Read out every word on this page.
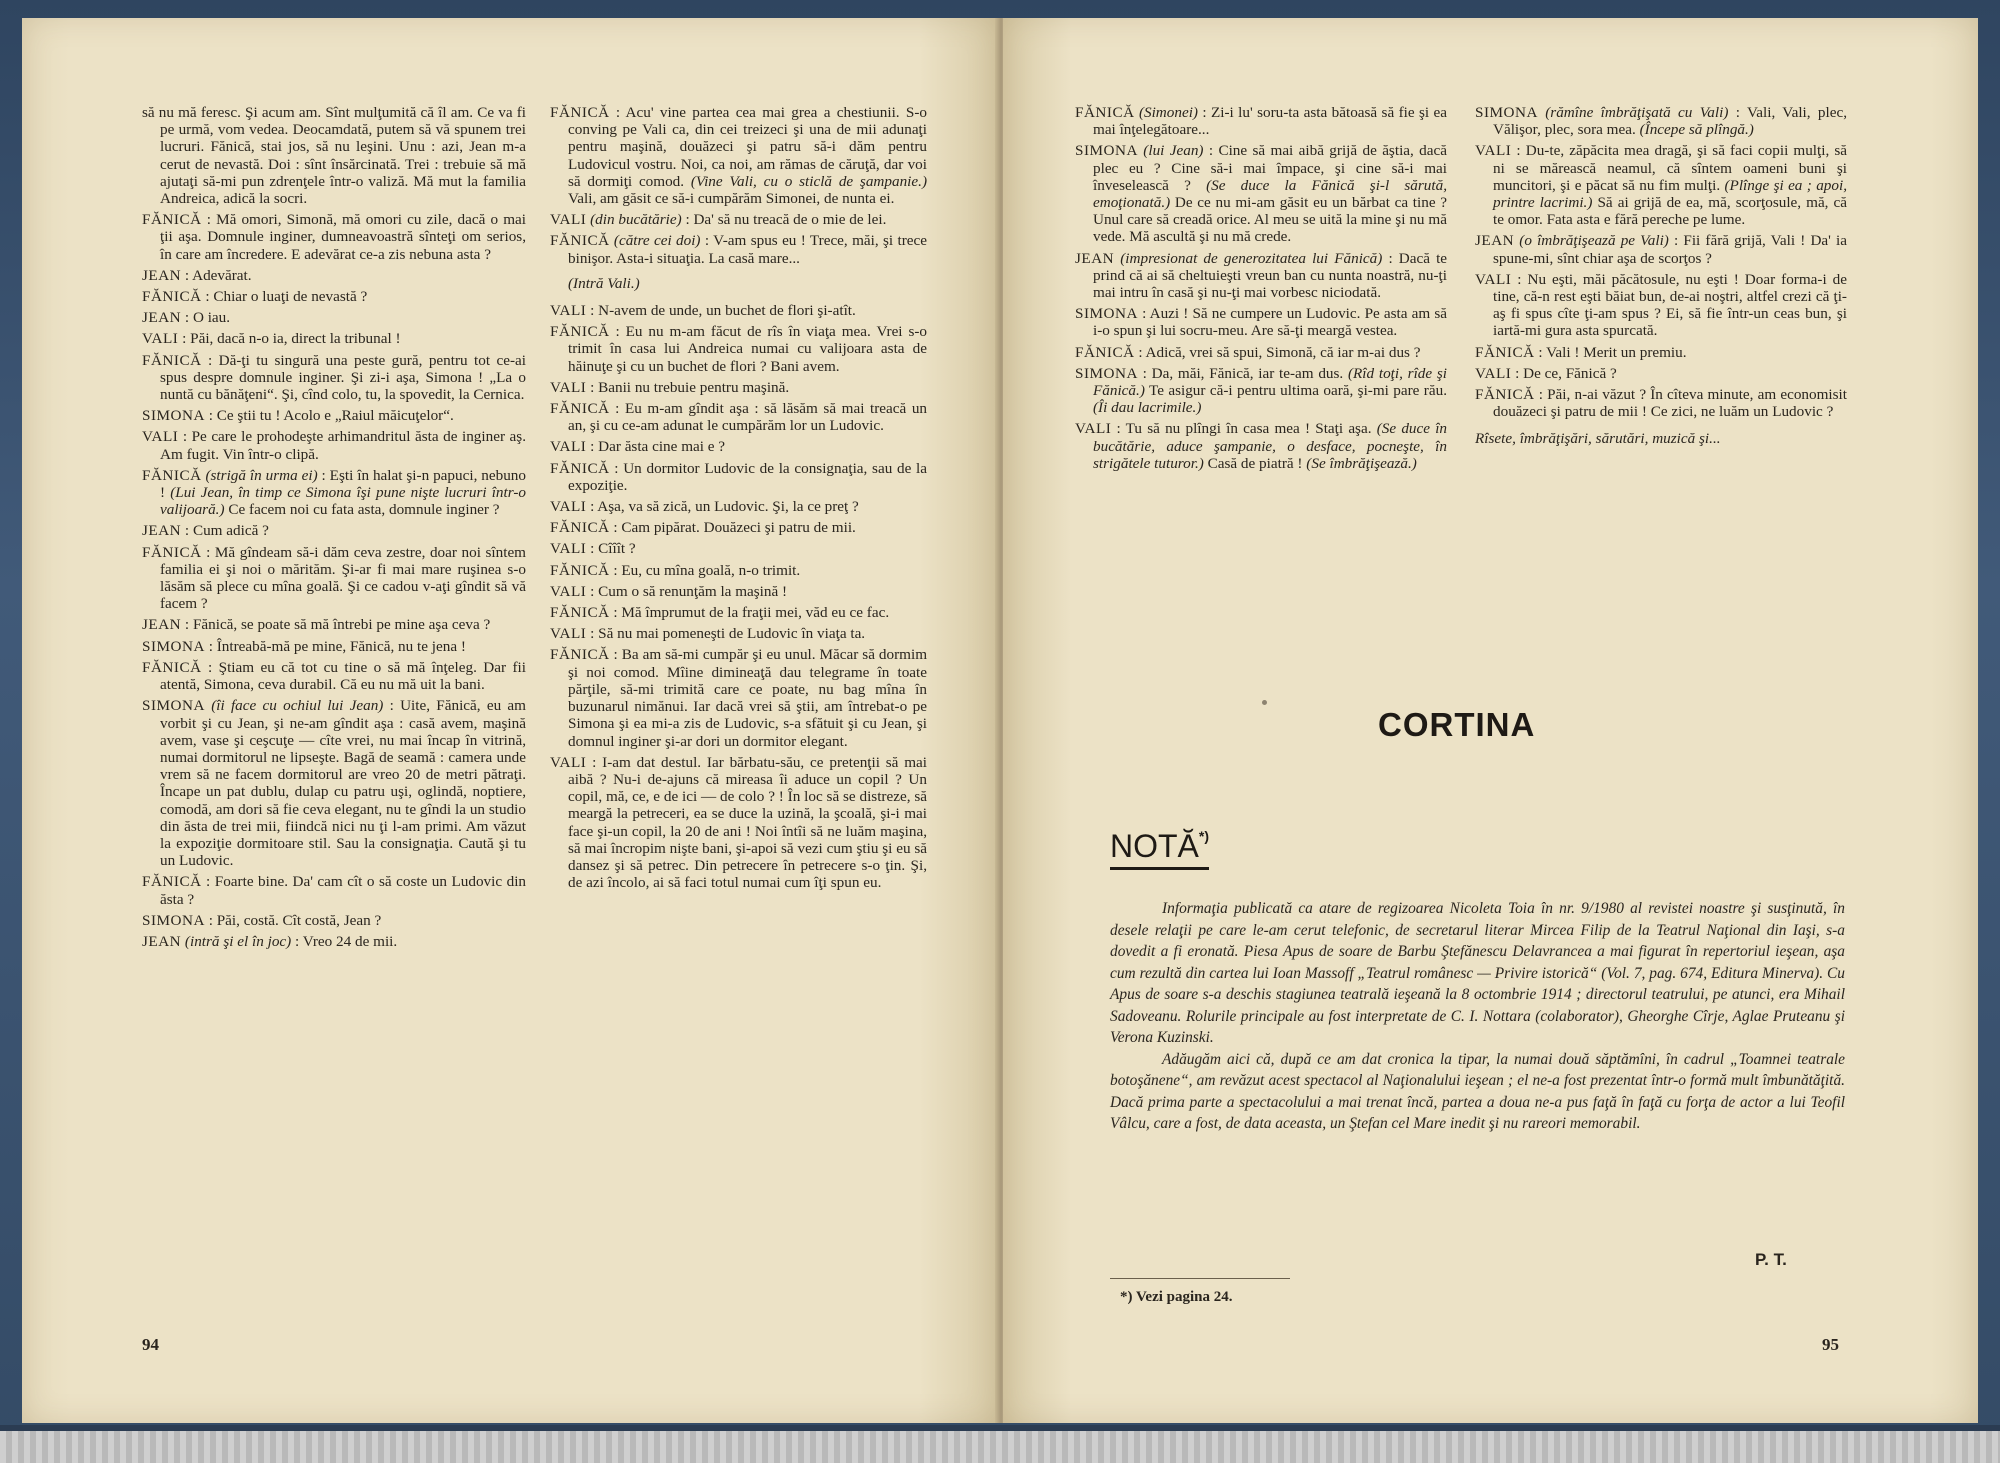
să nu mă feresc. Şi acum am. Sînt mulţumită că îl am. Ce va fi pe urmă, vom vedea. Deocamdată, putem să vă spunem trei lucruri. Fănică, stai jos, să nu leşini. Unu : azi, Jean m-a cerut de nevastă. Doi : sînt însărcinată. Trei : trebuie să mă ajutaţi să-mi pun zdrenţele într-o valiză. Mă mut la familia Andreica, adică la socri.

FĂNICĂ : Mă omori, Simonă, mă omori cu zile, dacă o mai ţii aşa. Domnule inginer, dumneavoastră sînteţi om serios, în care am încredere. E adevărat ce-a zis nebuna asta ?

JEAN : Adevărat.

FĂNICĂ : Chiar o luaţi de nevastă ?

JEAN : O iau.

VALI : Păi, dacă n-o ia, direct la tribunal !

FĂNICĂ : Dă-ţi tu singură una peste gură, pentru tot ce-ai spus despre domnule inginer. Şi zi-i aşa, Simona ! „La o nuntă cu bănăţeni“. Şi, cînd colo, tu, la spovedit, la Cernica.

SIMONA : Ce ştii tu ! Acolo e „Raiul măicuţelor“.

VALI : Pe care le prohodeşte arhimandritul ăsta de inginer aş. Am fugit. Vin într-o clipă.

FĂNICĂ (strigă în urma ei) : Eşti în halat şi-n papuci, nebuno ! (Lui Jean, în timp ce Simona îşi pune nişte lucruri într-o valijoară.) Ce facem noi cu fata asta, domnule inginer ?

JEAN : Cum adică ?

FĂNICĂ : Mă gîndeam să-i dăm ceva zestre, doar noi sîntem familia ei şi noi o mărităm. Şi-ar fi mai mare ruşinea s-o lăsăm să plece cu mîna goală. Şi ce cadou v-aţi gîndit să vă facem ?

JEAN : Fănică, se poate să mă întrebi pe mine aşa ceva ?

SIMONA : Întreabă-mă pe mine, Fănică, nu te jena !

FĂNICĂ : Ştiam eu că tot cu tine o să mă înţeleg. Dar fii atentă, Simona, ceva durabil. Că eu nu mă uit la bani.

SIMONA (îi face cu ochiul lui Jean) : Uite, Fănică, eu am vorbit şi cu Jean, şi ne-am gîndit aşa : casă avem, maşină avem, vase şi ceşcuţe — cîte vrei, nu mai încap în vitrină, numai dormitorul ne lipseşte. Bagă de seamă : camera unde vrem să ne facem dormitorul are vreo 20 de metri pătraţi. Încape un pat dublu, dulap cu patru uşi, oglindă, noptiere, comodă, am dori să fie ceva elegant, nu te gîndi la un studio din ăsta de trei mii, fiindcă nici nu ţi l-am primi. Am văzut la expoziţie dormitoare stil. Sau la consignaţia. Caută şi tu un Ludovic.

FĂNICĂ : Foarte bine. Da' cam cît o să coste un Ludovic din ăsta ?

SIMONA : Păi, costă. Cît costă, Jean ?

JEAN (intră şi el în joc) : Vreo 24 de mii.

FĂNICĂ : Acu' vine partea cea mai grea a chestiunii. S-o conving pe Vali ca, din cei treizeci şi una de mii adunaţi pentru maşină, douăzeci şi patru să-i dăm pentru Ludovicul vostru. Noi, ca noi, am rămas de căruţă, dar voi să dormiţi comod. (Vine Vali, cu o sticlă de şampanie.) Vali, am găsit ce să-i cumpărăm Simonei, de nunta ei.

VALI (din bucătărie) : Da' să nu treacă de o mie de lei.

FĂNICĂ (către cei doi) : V-am spus eu ! Trece, măi, şi trece binişor. Asta-i situaţia. La casă mare...

(Intră Vali.)

VALI : N-avem de unde, un buchet de flori şi-atît.

FĂNICĂ : Eu nu m-am făcut de rîs în viaţa mea. Vrei s-o trimit în casa lui Andreica numai cu valijoara asta de hăinuţe şi cu un buchet de flori ? Bani avem.

VALI : Banii nu trebuie pentru maşină.

FĂNICĂ : Eu m-am gîndit aşa : să lăsăm să mai treacă un an, şi cu ce-am adunat le cumpărăm lor un Ludovic.

VALI : Dar ăsta cine mai e ?

FĂNICĂ : Un dormitor Ludovic de la consignaţia, sau de la expoziţie.

VALI : Aşa, va să zică, un Ludovic. Şi, la ce preţ ?

FĂNICĂ : Cam pipărat. Douăzeci şi patru de mii.

VALI : Cîîît ?

FĂNICĂ : Eu, cu mîna goală, n-o trimit.

VALI : Cum o să renunţăm la maşină !

FĂNICĂ : Mă împrumut de la fraţii mei, văd eu ce fac.

VALI : Să nu mai pomeneşti de Ludovic în viaţa ta.

FĂNICĂ : Ba am să-mi cumpăr şi eu unul. Măcar să dormim şi noi comod. Mîine dimineaţă dau telegrame în toate părţile, să-mi trimită care ce poate, nu bag mîna în buzunarul nimănui. Iar dacă vrei să ştii, am întrebat-o pe Simona şi ea mi-a zis de Ludovic, s-a sfătuit şi cu Jean, şi domnul inginer şi-ar dori un dormitor elegant.

VALI : I-am dat destul. Iar bărbatu-său, ce pretenţii să mai aibă ? Nu-i de-ajuns că mireasa îi aduce un copil ? Un copil, mă, ce, e de ici — de colo ? ! În loc să se distreze, să meargă la petreceri, ea se duce la uzină, la şcoală, şi-i mai face şi-un copil, la 20 de ani ! Noi întîi să ne luăm maşina, să mai încropim nişte bani, şi-apoi să vezi cum ştiu şi eu să dansez şi să petrec. Din petrecere în petrecere s-o ţin. Şi, de azi încolo, ai să faci totul numai cum îţi spun eu.

94

FĂNICĂ (Simonei) : Zi-i lu' soru-ta asta bătoasă să fie şi ea mai înţelegătoare...

SIMONA (lui Jean) : Cine să mai aibă grijă de ăştia, dacă plec eu ? Cine să-i mai împace, şi cine să-i mai înveselească ? (Se duce la Fănică şi-l sărută, emoţionată.) De ce nu mi-am găsit eu un bărbat ca tine ? Unul care să creadă orice. Al meu se uită la mine şi nu mă vede. Mă ascultă şi nu mă crede.

JEAN (impresionat de generozitatea lui Fănică) : Dacă te prind că ai să cheltuieşti vreun ban cu nunta noastră, nu-ţi mai intru în casă şi nu-ţi mai vorbesc niciodată.

SIMONA : Auzi ! Să ne cumpere un Ludovic. Pe asta am să i-o spun şi lui socru-meu. Are să-ţi meargă vestea.

FĂNICĂ : Adică, vrei să spui, Simonă, că iar m-ai dus ?

SIMONA : Da, măi, Fănică, iar te-am dus. (Rîd toţi, rîde şi Fănică.) Te asigur că-i pentru ultima oară, şi-mi pare rău. (Îi dau lacrimile.)

VALI : Tu să nu plîngi în casa mea ! Staţi aşa. (Se duce în bucătărie, aduce şampanie, o desface, pocneşte, în strigătele tuturor.) Casă de piatră ! (Se îmbrăţişează.)

SIMONA (rămîne îmbrăţişată cu Vali) : Vali, Vali, plec, Vălişor, plec, sora mea. (Începe să plîngă.)

VALI : Du-te, zăpăcita mea dragă, şi să faci copii mulţi, să ni se mărească neamul, că sîntem oameni buni şi muncitori, şi e păcat să nu fim mulţi. (Plînge şi ea ; apoi, printre lacrimi.) Să ai grijă de ea, mă, scorţosule, mă, că te omor. Fata asta e fără pereche pe lume.

JEAN (o îmbrăţişează pe Vali) : Fii fără grijă, Vali ! Da' ia spune-mi, sînt chiar aşa de scorţos ?

VALI : Nu eşti, măi păcătosule, nu eşti ! Doar forma-i de tine, că-n rest eşti băiat bun, de-ai noştri, altfel crezi că ţi-aş fi spus cîte ţi-am spus ? Ei, să fie într-un ceas bun, şi iartă-mi gura asta spurcată.

FĂNICĂ : Vali ! Merit un premiu.

VALI : De ce, Fănică ?

FĂNICĂ : Păi, n-ai văzut ? În cîteva minute, am economisit douăzeci şi patru de mii ! Ce zici, ne luăm un Ludovic ?

Rîsete, îmbrăţişări, sărutări, muzică şi...

CORTINA
NOTĂ*)

Informaţia publicată ca atare de regizoarea Nicoleta Toia în nr. 9/1980 al revistei noastre şi susţinută, în desele relaţii pe care le-am cerut telefonic, de secretarul literar Mircea Filip de la Teatrul Naţional din Iaşi, s-a dovedit a fi eronată. Piesa Apus de soare de Barbu Ştefănescu Delavrancea a mai figurat în repertoriul ieşean, aşa cum rezultă din cartea lui Ioan Massoff „Teatrul românesc — Privire istorică“ (Vol. 7, pag. 674, Editura Minerva). Cu Apus de soare s-a deschis stagiunea teatrală ieşeană la 8 octombrie 1914 ; directorul teatrului, pe atunci, era Mihail Sadoveanu. Rolurile principale au fost interpretate de C. I. Nottara (colaborator), Gheorghe Cîrje, Aglae Pruteanu şi Verona Kuzinski.

Adăugăm aici că, după ce am dat cronica la tipar, la numai două săptămîni, în cadrul „Toamnei teatrale botoşănene“, am revăzut acest spectacol al Naţionalului ieşean ; el ne-a fost prezentat într-o formă mult îmbunătăţită. Dacă prima parte a spectacolului a mai trenat încă, partea a doua ne-a pus faţă în faţă cu forţa de actor a lui Teofil Vâlcu, care a fost, de data aceasta, un Ştefan cel Mare inedit şi nu rareori memorabil.

P. T.
*) Vezi pagina 24.
95
